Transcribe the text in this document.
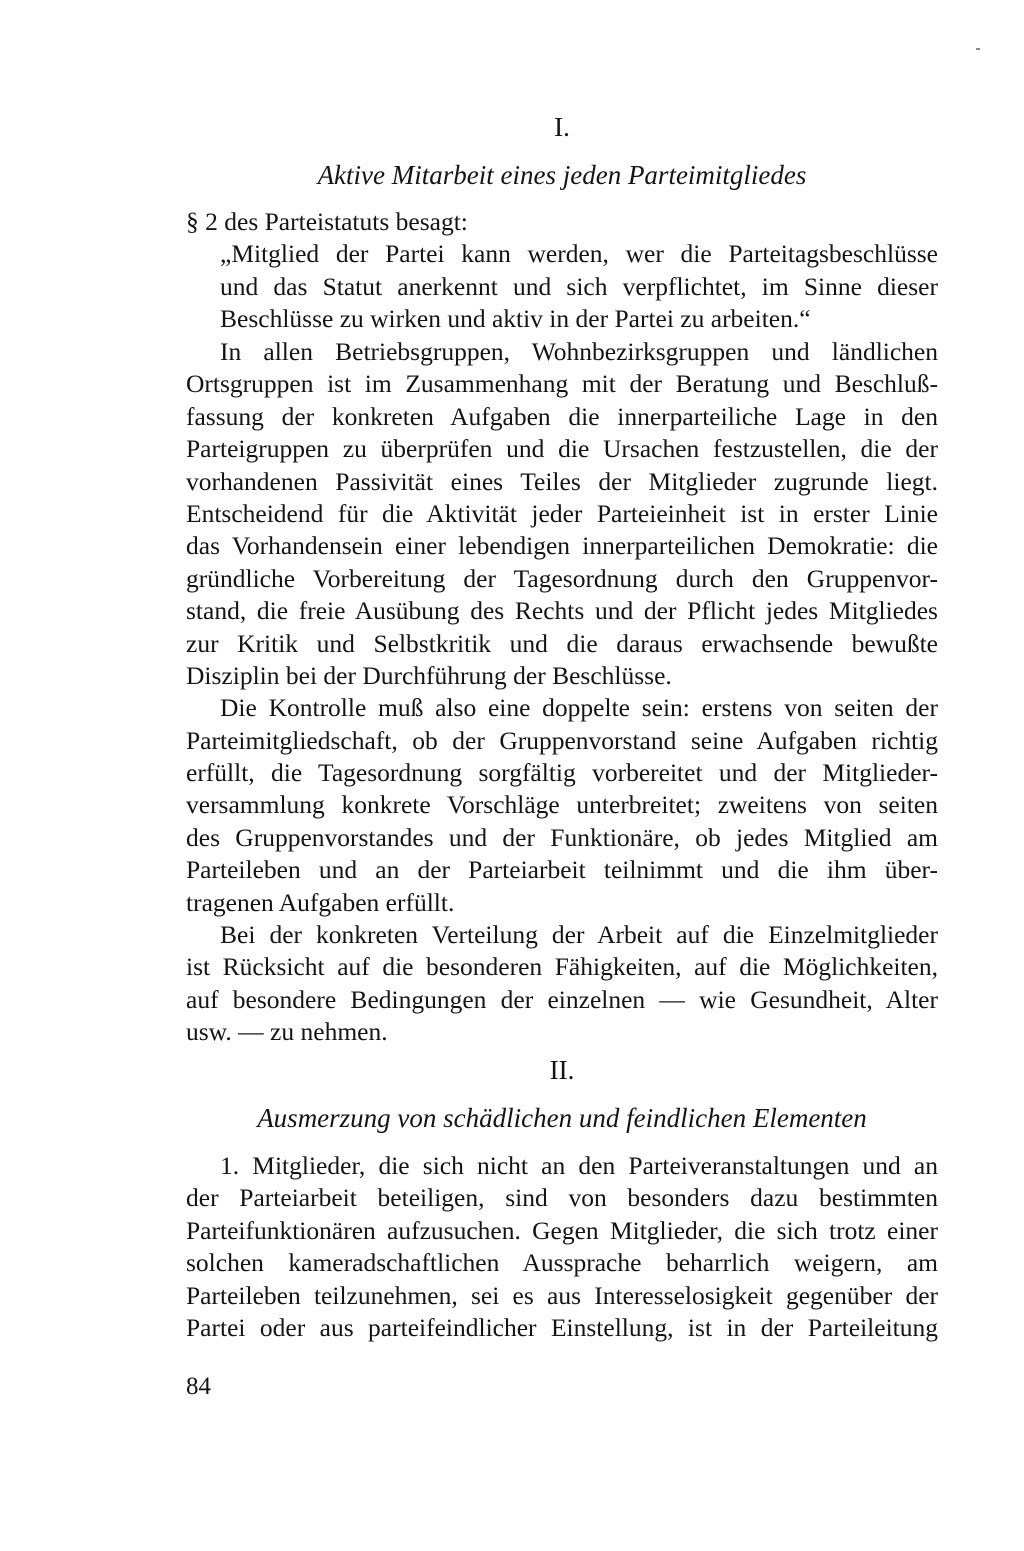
I.
Aktive Mitarbeit eines jeden Parteimitgliedes
§ 2 des Parteistatuts besagt:
„Mitglied der Partei kann werden, wer die Parteitagsbeschlüsse
und das Statut anerkennt und sich verpflichtet, im Sinne dieser
Beschlüsse zu wirken und aktiv in der Partei zu arbeiten.“
In allen Betriebsgruppen, Wohnbezirksgruppen und ländlichen
Ortsgruppen ist im Zusammenhang mit der Beratung und Beschluß-
fassung der konkreten Aufgaben die innerparteiliche Lage in den
Parteigruppen zu überprüfen und die Ursachen festzustellen, die der
vorhandenen Passivität eines Teiles der Mitglieder zugrunde liegt.
Entscheidend für die Aktivität jeder Parteieinheit ist in erster Linie
das Vorhandensein einer lebendigen innerparteilichen Demokratie: die
gründliche Vorbereitung der Tagesordnung durch den Gruppenvor-
stand, die freie Ausübung des Rechts und der Pflicht jedes Mitgliedes
zur Kritik und Selbstkritik und die daraus erwachsende bewußte
Disziplin bei der Durchführung der Beschlüsse.
Die Kontrolle muß also eine doppelte sein: erstens von seiten der
Parteimitgliedschaft, ob der Gruppenvorstand seine Aufgaben richtig
erfüllt, die Tagesordnung sorgfältig vorbereitet und der Mitglieder-
versammlung konkrete Vorschläge unterbreitet; zweitens von seiten
des Gruppenvorstandes und der Funktionäre, ob jedes Mitglied am
Parteileben und an der Parteiarbeit teilnimmt und die ihm über-
tragenen Aufgaben erfüllt.
Bei der konkreten Verteilung der Arbeit auf die Einzelmitglieder
ist Rücksicht auf die besonderen Fähigkeiten, auf die Möglichkeiten,
auf besondere Bedingungen der einzelnen — wie Gesundheit, Alter
usw. — zu nehmen.
II.
Ausmerzung von schädlichen und feindlichen Elementen
1. Mitglieder, die sich nicht an den Parteiveranstaltungen und an
der Parteiarbeit beteiligen, sind von besonders dazu bestimmten
Parteifunktionären aufzusuchen. Gegen Mitglieder, die sich trotz einer
solchen kameradschaftlichen Aussprache beharrlich weigern, am
Parteileben teilzunehmen, sei es aus Interesselosigkeit gegenüber der
Partei oder aus parteifeindlicher Einstellung, ist in der Parteileitung
84
